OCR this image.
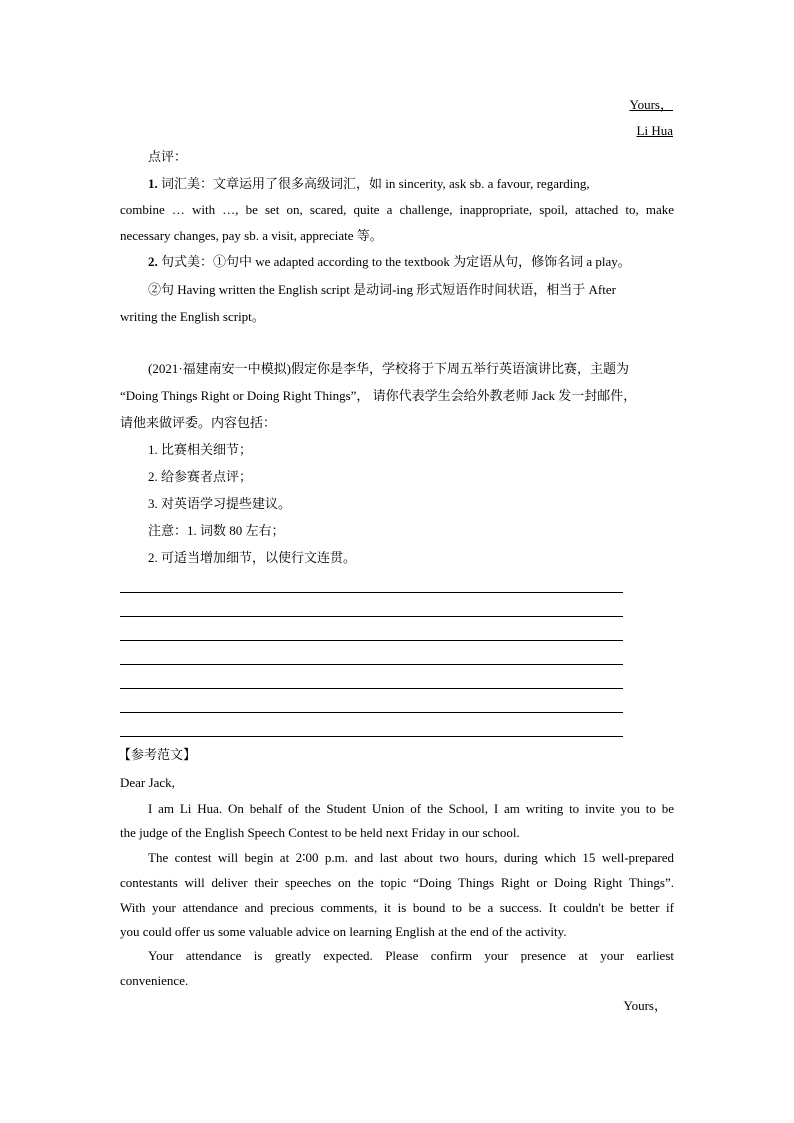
Yours，
Li Hua
点评：
1. 词汇美：文章运用了很多高级词汇，如 in sincerity, ask sb. a favour, regarding,
combine … with …, be set on, scared, quite a challenge, inappropriate, spoil, attached to, make
necessary changes, pay sb. a visit, appreciate 等。
2. 句式美：①句中 we adapted according to the textbook 为定语从句，修饰名词 a play。
②句 Having written the English script 是动词-ing 形式短语作时间状语，相当于 After
writing the English script。
(2021·福建南安一中模拟)假定你是李华，学校将于下周五举行英语演讲比赛，主题为
“Doing Things Right or Doing Right Things”， 请你代表学生会给外教老师 Jack 发一封邮件，
请他来做评委。内容包括：
1. 比赛相关细节；
2. 给参赛者点评；
3. 对英语学习提些建议。
注意：1. 词数 80 左右；
2. 可适当增加细节，以使行文连贯。
【参考范文】
Dear Jack,
I am Li Hua. On behalf of the Student Union of the School, I am writing to invite you to be
the judge of the English Speech Contest to be held next Friday in our school.
The contest will begin at 2∶00 p.m. and last about two hours, during which 15 well-prepared
contestants will deliver their speeches on the topic “Doing Things Right or Doing Right Things”.
With your attendance and precious comments, it is bound to be a success. It couldn't be better if
you could offer us some valuable advice on learning English at the end of the activity.
Your attendance is greatly expected. Please confirm your presence at your earliest
convenience.
Yours，
